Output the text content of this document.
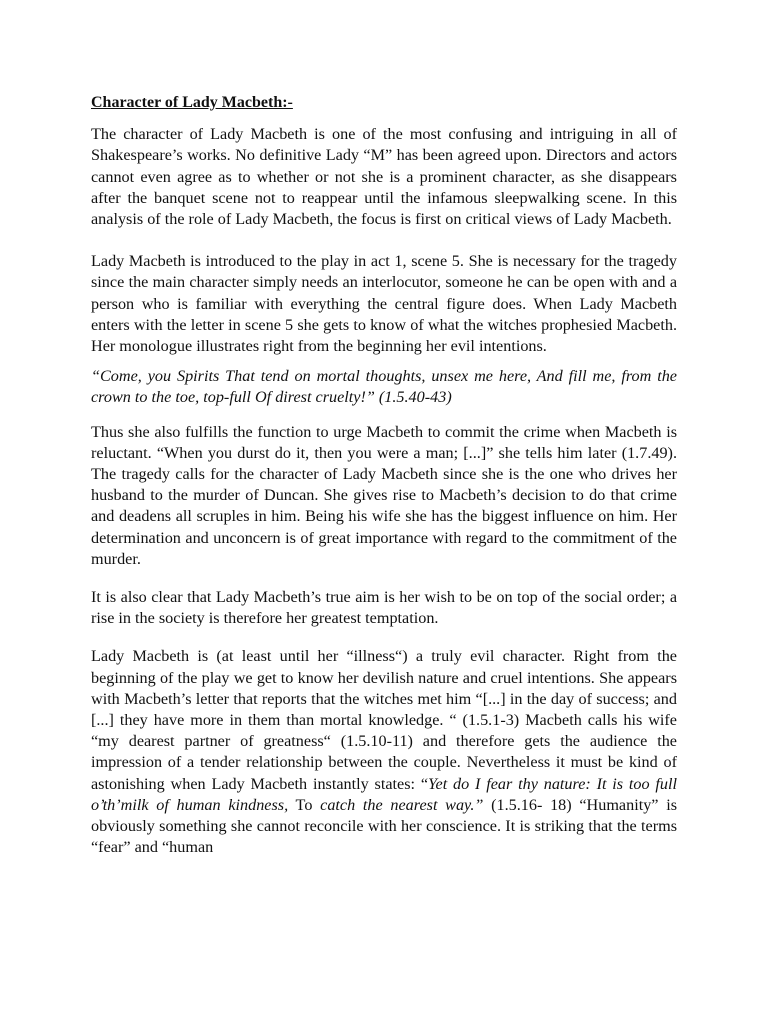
Character of Lady Macbeth:-

The character of Lady Macbeth is one of the most confusing and intriguing in all of Shakespeare’s works. No definitive Lady “M” has been agreed upon. Directors and actors cannot even agree as to whether or not she is a prominent character, as she disappears after the banquet scene not to reappear until the infamous sleepwalking scene. In this analysis of the role of Lady Macbeth, the focus is first on critical views of Lady Macbeth.

Lady Macbeth is introduced to the play in act 1, scene 5. She is necessary for the tragedy since the main character simply needs an interlocutor, someone he can be open with and a person who is familiar with everything the central figure does. When Lady Macbeth enters with the letter in scene 5 she gets to know of what the witches prophesied Macbeth. Her monologue illustrates right from the beginning her evil intentions.

“Come, you Spirits That tend on mortal thoughts, unsex me here, And fill me, from the crown to the toe, top-full Of direst cruelty!” (1.5.40-43)

Thus she also fulfills the function to urge Macbeth to commit the crime when Macbeth is reluctant. “When you durst do it, then you were a man; [...]” she tells him later (1.7.49). The tragedy calls for the character of Lady Macbeth since she is the one who drives her husband to the murder of Duncan. She gives rise to Macbeth’s decision to do that crime and deadens all scruples in him. Being his wife she has the biggest influence on him. Her determination and unconcern is of great importance with regard to the commitment of the murder.

It is also clear that Lady Macbeth’s true aim is her wish to be on top of the social order; a rise in the society is therefore her greatest temptation.

Lady Macbeth is (at least until her “illness“) a truly evil character. Right from the beginning of the play we get to know her devilish nature and cruel intentions. She appears with Macbeth’s letter that reports that the witches met him “[...] in the day of success; and [...] they have more in them than mortal knowledge. “ (1.5.1-3) Macbeth calls his wife “my dearest partner of greatness“ (1.5.10-11) and therefore gets the audience the impression of a tender relationship between the couple. Nevertheless it must be kind of astonishing when Lady Macbeth instantly states: “Yet do I fear thy nature: It is too full o’th’milk of human kindness, To catch the nearest way.” (1.5.16- 18) “Humanity” is obviously something she cannot reconcile with her conscience. It is striking that the terms “fear” and “human
